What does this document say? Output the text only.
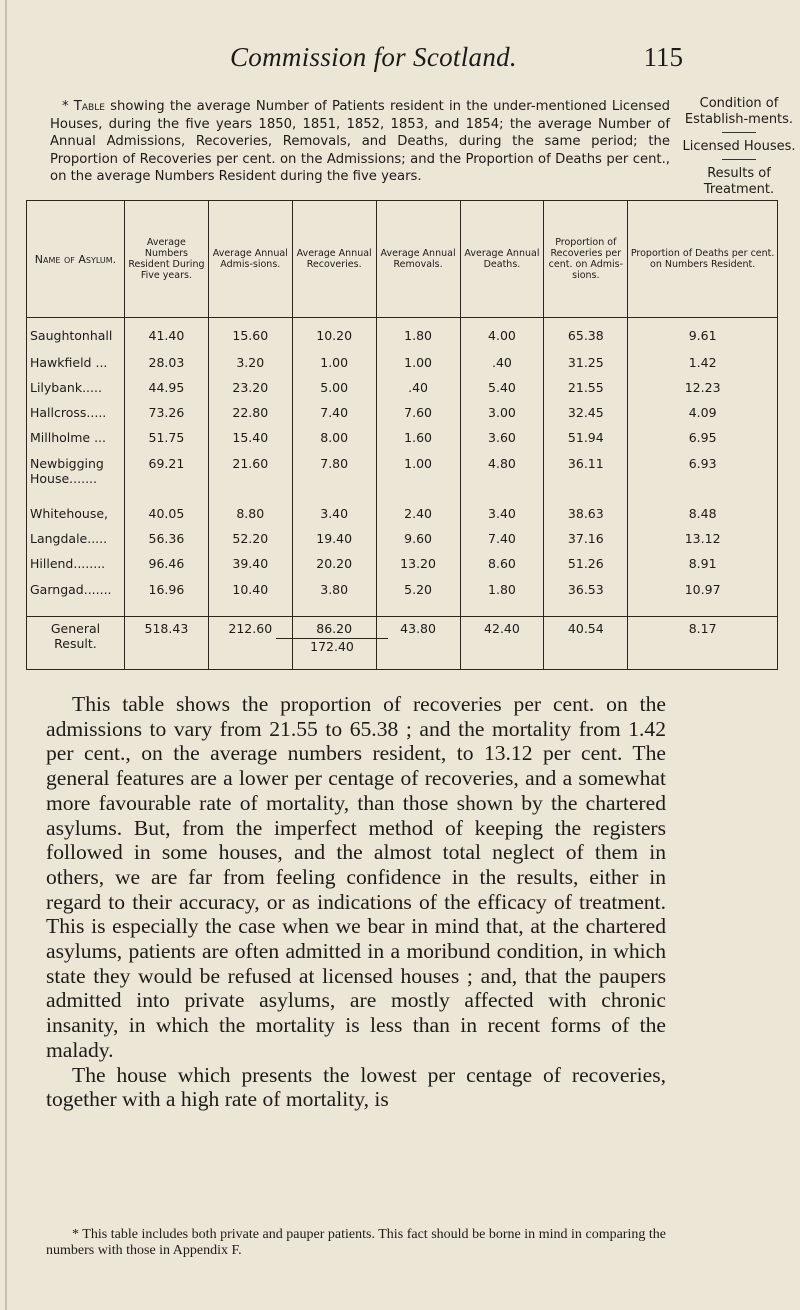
Commission for Scotland.	115
Condition of Establish-ments.
Licensed Houses.
Results of Treatment.
* Table showing the average Number of Patients resident in the under-mentioned Licensed Houses, during the five years 1850, 1851, 1852, 1853, and 1854; the average Number of Annual Admissions, Recoveries, Removals, and Deaths, during the same period; the Proportion of Recoveries per cent. on the Admissions; and the Proportion of Deaths per cent., on the average Numbers Resident during the five years.
Name of Asylum.	Average Numbers Resident During Five years.	Average Annual Admis-sions.	Average Annual Recoveries.	Average Annual Removals.	Average Annual Deaths.	Proportion of Recoveries per cent. on Admis-sions.	Proportion of Deaths per cent. on Numbers Resident.

Saughtonhall	41.40	15.60	10.20	1.80	4.00	65.38	9.61
Hawkfield ...	28.03	3.20	1.00	1.00	.40	31.25	1.42
Lilybank.....	44.95	23.20	5.00	.40	5.40	21.55	12.23
Hallcross.....	73.26	22.80	7.40	7.60	3.00	32.45	4.09
Millholme ...	51.75	15.40	8.00	1.60	3.60	51.94	6.95
Newbigging House.......	69.21	21.60	7.80	1.00	4.80	36.11	6.93
Whitehouse,	40.05	8.80	3.40	2.40	3.40	38.63	8.48
Langdale.....	56.36	52.20	19.40	9.60	7.40	37.16	13.12
Hillend........	96.46	39.40	20.20	13.20	8.60	51.26	8.91
Garngad.......	16.96	10.40	3.80	5.20	1.80	36.53	10.97

General Result.	518.43	212.60	86.20	43.80	42.40	40.54	8.17
172.40

This table shows the proportion of recoveries per cent. on the admissions to vary from 21.55 to 65.38 ; and the mortality from 1.42 per cent., on the average numbers resident, to 13.12 per cent. The general features are a lower per centage of recoveries, and a somewhat more favourable rate of mortality, than those shown by the chartered asylums. But, from the imperfect method of keeping the registers followed in some houses, and the almost total neglect of them in others, we are far from feeling confidence in the results, either in regard to their accuracy, or as indications of the efficacy of treatment. This is especially the case when we bear in mind that, at the chartered asylums, patients are often admitted in a moribund condition, in which state they would be refused at licensed houses ; and, that the paupers admitted into private asylums, are mostly affected with chronic insanity, in which the mortality is less than in recent forms of the malady.

The house which presents the lowest per centage of recoveries, together with a high rate of mortality, is

* This table includes both private and pauper patients. This fact should be borne in mind in comparing the numbers with those in Appendix F.
